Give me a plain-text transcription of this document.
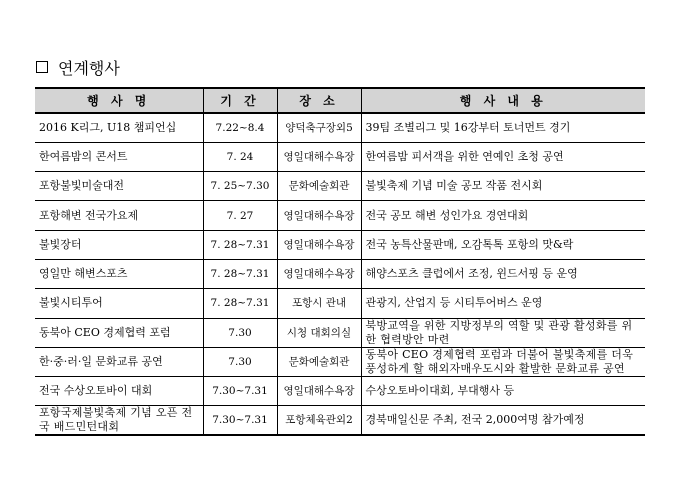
연계행사
행 사 명	기 간	장 소	행 사 내 용
2016 K리그, U18 챔피언십	7.22~8.4	양덕축구장외5	39팀 조별리그 및 16강부터 토너먼트 경기
한여름밤의 콘서트	7. 24	영일대해수욕장	한여름밤 피서객을 위한 연예인 초청 공연
포항불빛미술대전	7. 25~7.30	문화예술회관	불빛축제 기념 미술 공모 작품 전시회
포항해변 전국가요제	7. 27	영일대해수욕장	전국 공모 해변 성인가요 경연대회
불빛장터	7. 28~7.31	영일대해수욕장	전국 농특산물판매, 오감톡톡 포항의 맛&락
영일만 해변스포츠	7. 28~7.31	영일대해수욕장	해양스포츠 클럽에서 조정, 윈드서핑 등 운영
불빛시티투어	7. 28~7.31	포항시 관내	관광지, 산업지 등 시티투어버스 운영
동북아 CEO 경제협력 포럼	7.30	시청 대회의실	북방교역을 위한 지방정부의 역할 및 관광 활성화를 위한 협력방안 마련
한·중·러·일 문화교류 공연	7.30	문화예술회관	동북아 CEO 경제협력 포럼과 더불어 불빛축제를 더욱 풍성하게 할 해외자매우도시와 활발한 문화교류 공연
전국 수상오토바이 대회	7.30~7.31	영일대해수욕장	수상오토바이대회, 부대행사 등
포항국제불빛축제 기념 오픈 전국 배드민턴대회	7.30~7.31	포항체육관외2	경북매일신문 주최, 전국 2,000여명 참가예정
